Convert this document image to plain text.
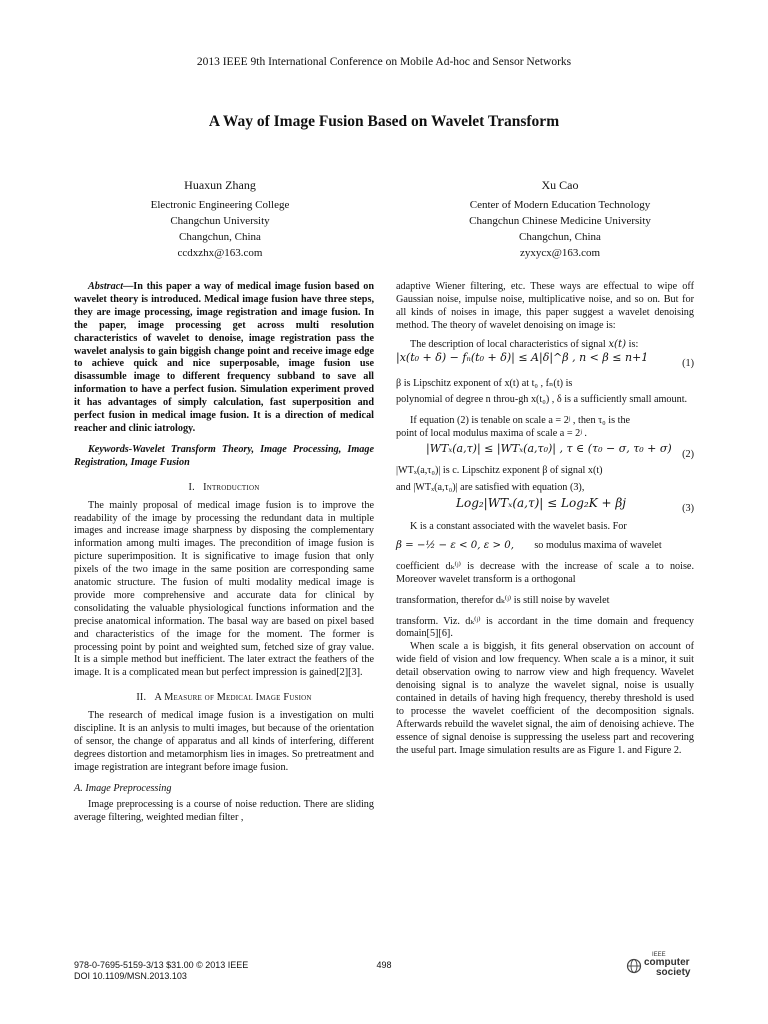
2013 IEEE 9th International Conference on Mobile Ad-hoc and Sensor Networks
A Way of Image Fusion Based on Wavelet Transform
Huaxun Zhang
Electronic Engineering College
Changchun University
Changchun, China
ccdxzhx@163.com
Xu Cao
Center of Modern Education Technology
Changchun Chinese Medicine University
Changchun, China
zyxycx@163.com

Abstract—In this paper a way of medical image fusion based on wavelet theory is introduced. Medical image fusion have three steps, they are image processing, image registration and image fusion. In the paper, image processing get across multi resolution characteristics of wavelet to denoise, image registration pass the wavelet analysis to gain biggish change point and receive image edge to achieve quick and nice superposable, image fusion use disassumble image to different frequency subband to save all information to have a perfect fusion. Simulation experiment proved it has advantages of simply calculation, fast superposition and perfect fusion in medical image fusion. It is a direction of medical reacher and clinic iatrology.

Keywords-Wavelet Transform Theory, Image Processing, Image Registration, Image Fusion

I. Introduction

The mainly proposal of medical image fusion is to improve the readability of the image by processing the redundant data in multiple images and increase image sharpness by disposing the complementary information among multi images. The precondition of image fusion is picture superimposition. It is significative to image fusion that only pixels of the two image in the same position are corresponding same anatomic structure. The fusion of multi modality medical image is provide more comprehensive and accurate data for clinical by consolidating the valuable physiological functions information and the precise anatomical information. The basal way are based on pixel based and characteristics of the image for the moment. The former is processing point by point and weighted sum, fetched size of gray value. It is a simple method but inefficient. The later extract the feathers of the image. It is a complicated mean but perfect impression is gained[2][3].

II. A Measure of Medical Image Fusion

The research of medical image fusion is a investigation on multi discipline. It is an anlysis to multi images, but because of the orientation of sensor, the change of apparatus and all kinds of interfering, different degrees distortion and metamorphism lies in images. So pretreatment and image registration are integrant before image fusion.

A. Image Preprocessing

Image preprocessing is a course of noise reduction. There are sliding average filtering, weighted median filter ,

adaptive Wiener filtering, etc. These ways are effectual to wipe off Gaussian noise, impulse noise, multiplicative noise, and so on. But for all kinds of noises in image, this paper suggest a wavelet denoising method. The theory of wavelet denoising on image is:

The description of local characteristics of signal x(t) is:

|x(t₀ + δ) − fₙ(t₀ + δ)| ≤ A|δ|^β , n < β ≤ n+1	(1)

β is Lipschitz exponent of x(t) at t₀ , fₙ(t) is

polynomial of degree n throu-gh x(t₀) , δ is a sufficiently small amount.

If equation (2) is tenable on scale a = 2ʲ , then τ₀ is the

point of local modulus maxima of scale a = 2ʲ .

|WTₓ(a,τ)| ≤ |WTₓ(a,τ₀)| , τ ∈ (τ₀ − σ, τ₀ + σ) (2)

|WTₓ(a,τ₀)| is c. Lipschitz exponent β of signal x(t)

and |WTₓ(a,τ₀)| are satisfied with equation (3),

Log₂|WTₓ(a,τ)| ≤ Log₂K + βj	(3)

K is a constant associated with the wavelet basis. For

β = −½ − ε < 0, ε > 0, so modulus maxima of wavelet

coefficient dₖ⁽ʲ⁾ is decrease with the increase of scale a to noise. Moreover wavelet transform is a orthogonal

transformation, therefor dₖ⁽ʲ⁾ is still noise by wavelet

transform. Viz. dₖ⁽ʲ⁾ is accordant in the time domain and frequency domain[5][6].

When scale a is biggish, it fits general observation on account of wide field of vision and low frequency. When scale a is a minor, it suit detail observation owing to narrow view and high frequency. Wavelet denoising signal is to analyze the wavelet signal, noise is usually contained in details of having high frequency, thereby threshold is used to processe the wavelet coefficient of the decomposition signals. Afterwards rebuild the wavelet signal, the aim of denoising achieve. The essence of signal denoise is suppressing the useless part and recovering the useful part. Image simulation results are as Figure 1. and Figure 2.

978-0-7695-5159-3/13 $31.00 © 2013 IEEE
DOI 10.1109/MSN.2013.103
498
IEEE
computer
society
